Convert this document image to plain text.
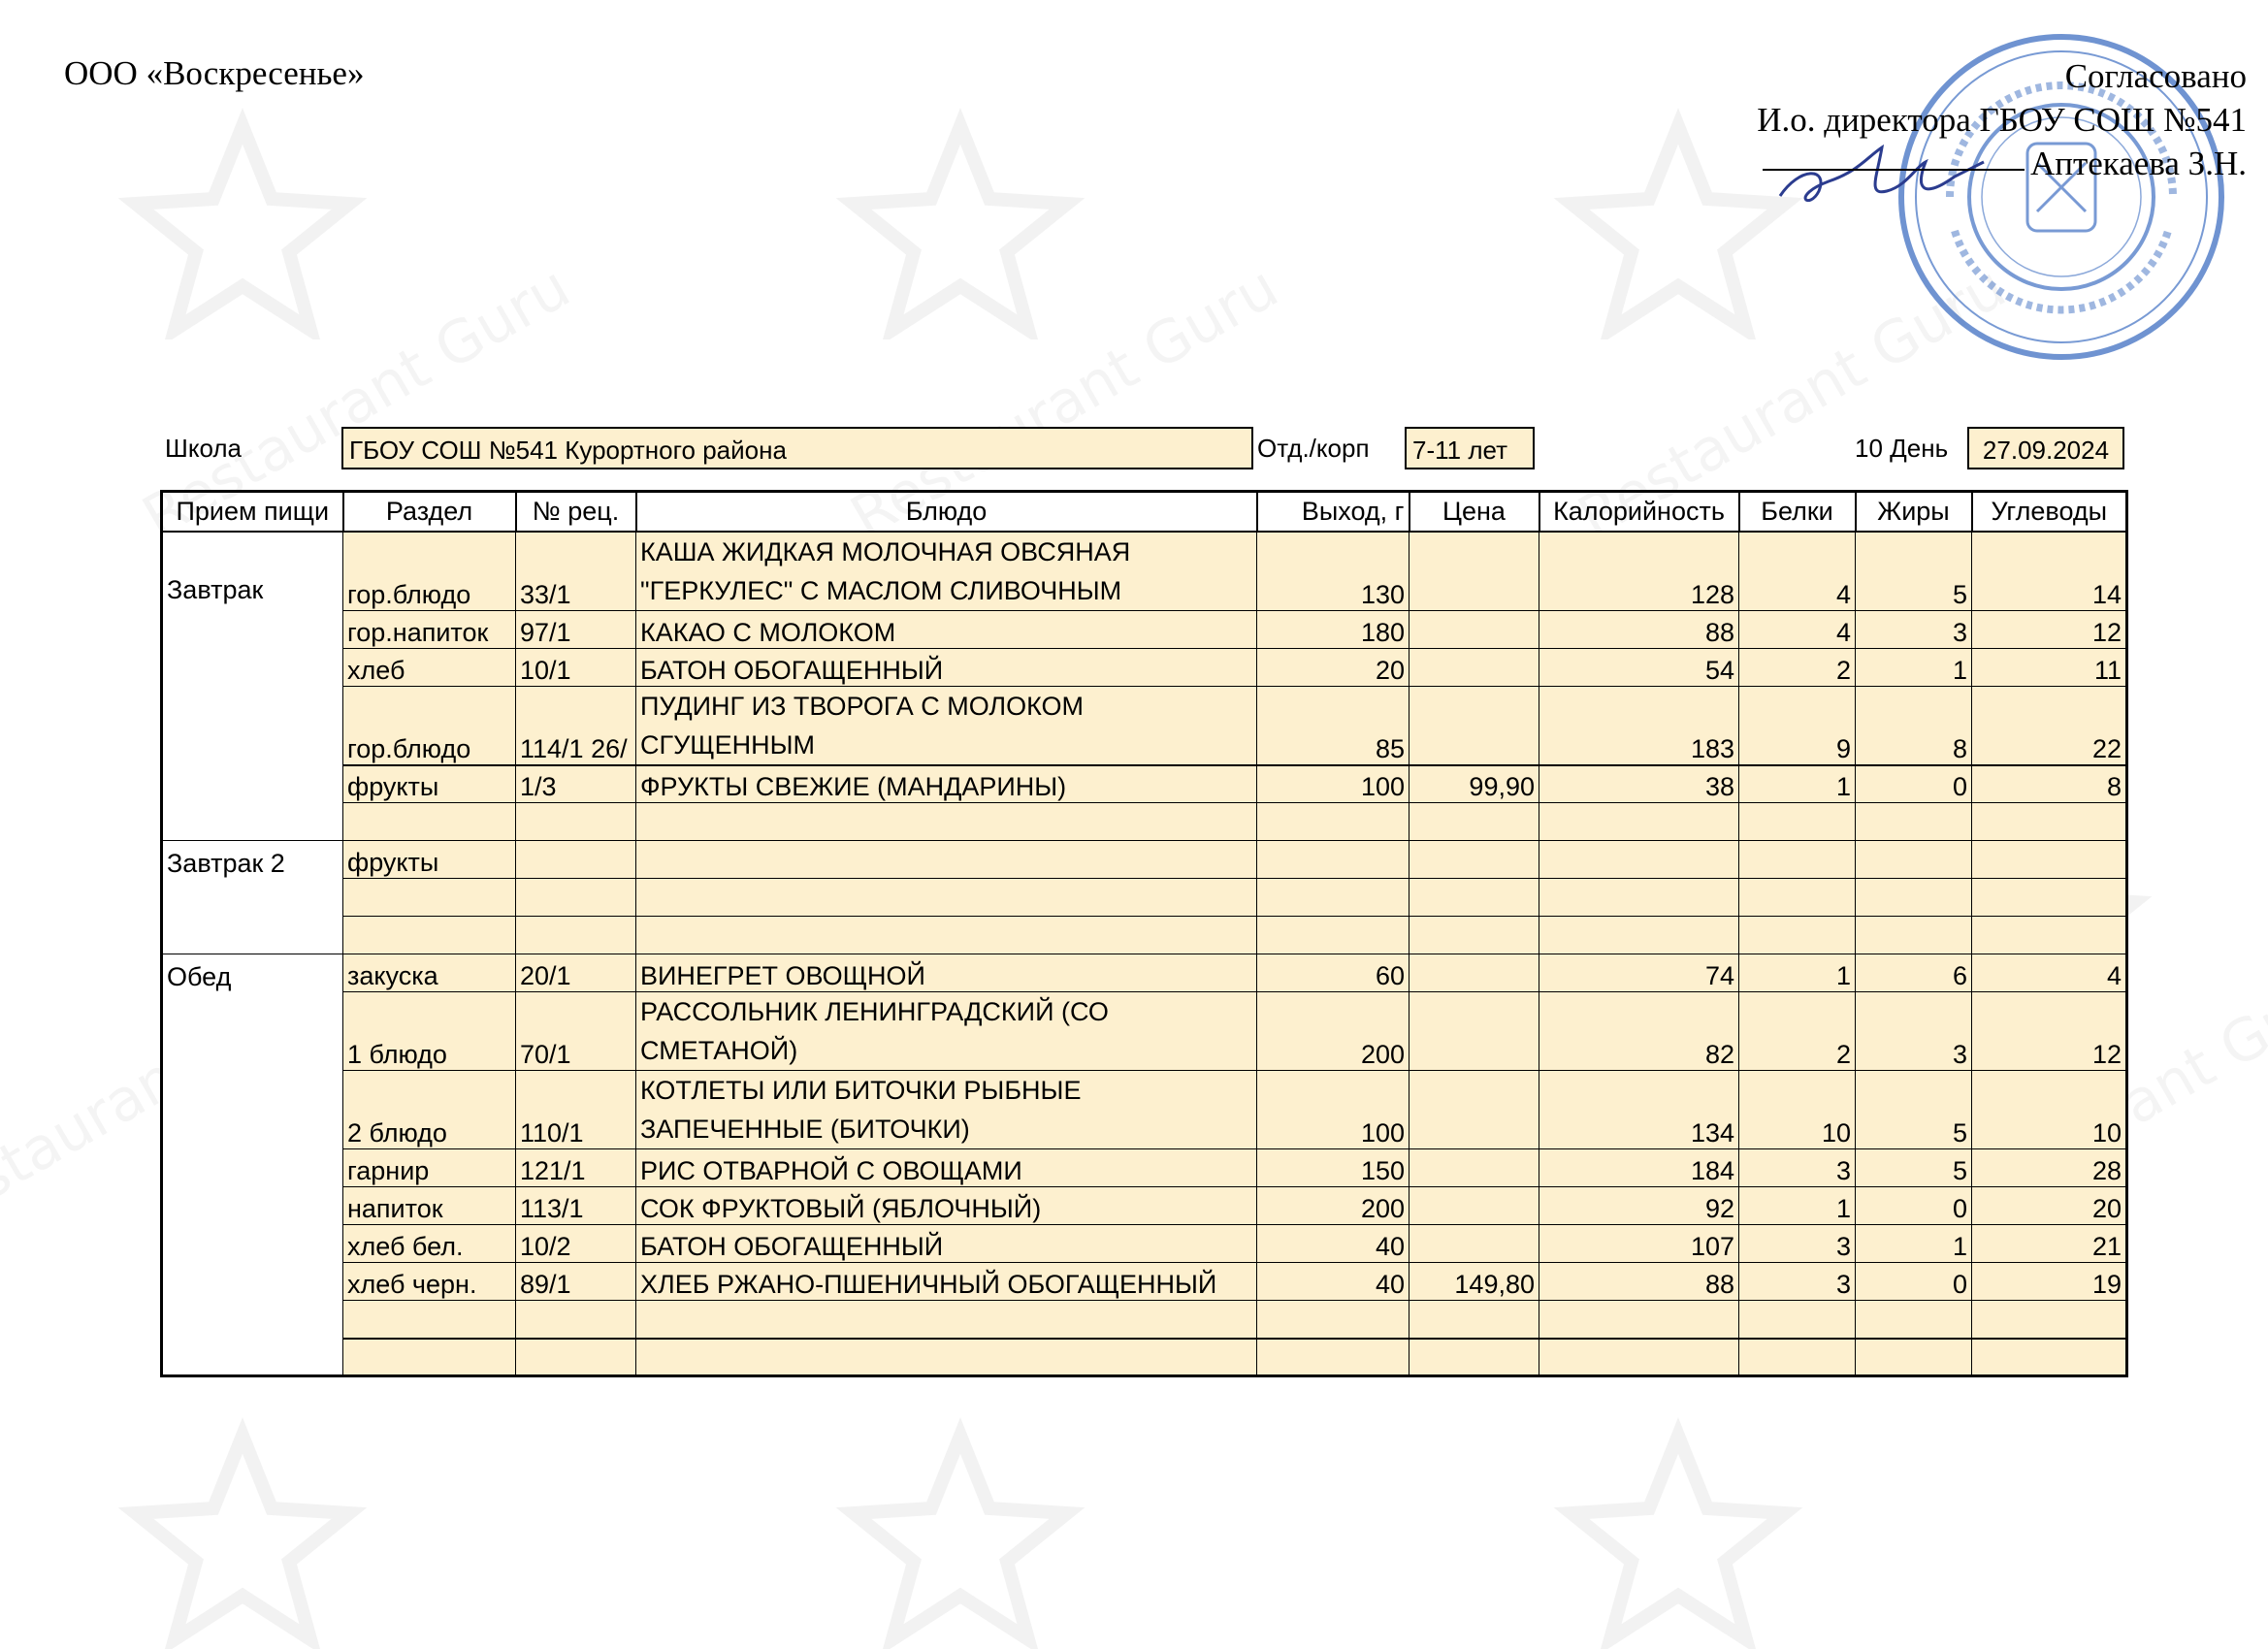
ООО «Воскресенье»	Согласовано
И.о. директора ГБОУ СОШ №541
Аптекаева З.Н.
Школа	ГБОУ СОШ №541 Курортного района	Отд./корп	7-11 лет	10 День	27.09.2024
Прием пищи	Раздел	№ рец.	Блюдо	Выход, г	Цена	Калорийность	Белки	Жиры	Углеводы
Завтрак	гор.блюдо	33/1	КАША ЖИДКАЯ МОЛОЧНАЯ ОВСЯНАЯ "ГЕРКУЛЕС" С МАСЛОМ СЛИВОЧНЫМ	130		128	4	5	14
	гор.напиток	97/1	КАКАО С МОЛОКОМ	180		88	4	3	12
	хлеб	10/1	БАТОН ОБОГАЩЕННЫЙ	20		54	2	1	11
	гор.блюдо	114/1 26/	ПУДИНГ ИЗ ТВОРОГА С МОЛОКОМ СГУЩЕННЫМ	85		183	9	8	22
	фрукты	1/3	ФРУКТЫ СВЕЖИЕ (МАНДАРИНЫ)	100	99,90	38	1	0	8

Завтрак 2	фрукты								

Обед	закуска	20/1	ВИНЕГРЕТ ОВОЩНОЙ	60		74	1	6	4
	1 блюдо	70/1	РАССОЛЬНИК ЛЕНИНГРАДСКИЙ (СО СМЕТАНОЙ)	200		82	2	3	12
	2 блюдо	110/1	КОТЛЕТЫ ИЛИ БИТОЧКИ РЫБНЫЕ ЗАПЕЧЕННЫЕ (БИТОЧКИ)	100		134	10	5	10
	гарнир	121/1	РИС ОТВАРНОЙ С ОВОЩАМИ	150		184	3	5	28
	напиток	113/1	СОК ФРУКТОВЫЙ (ЯБЛОЧНЫЙ)	200		92	1	0	20
	хлеб бел.	10/2	БАТОН ОБОГАЩЕННЫЙ	40		107	3	1	21
	хлеб черн.	89/1	ХЛЕБ РЖАНО-ПШЕНИЧНЫЙ ОБОГАЩЕННЫЙ	40	149,80	88	3	0	19
